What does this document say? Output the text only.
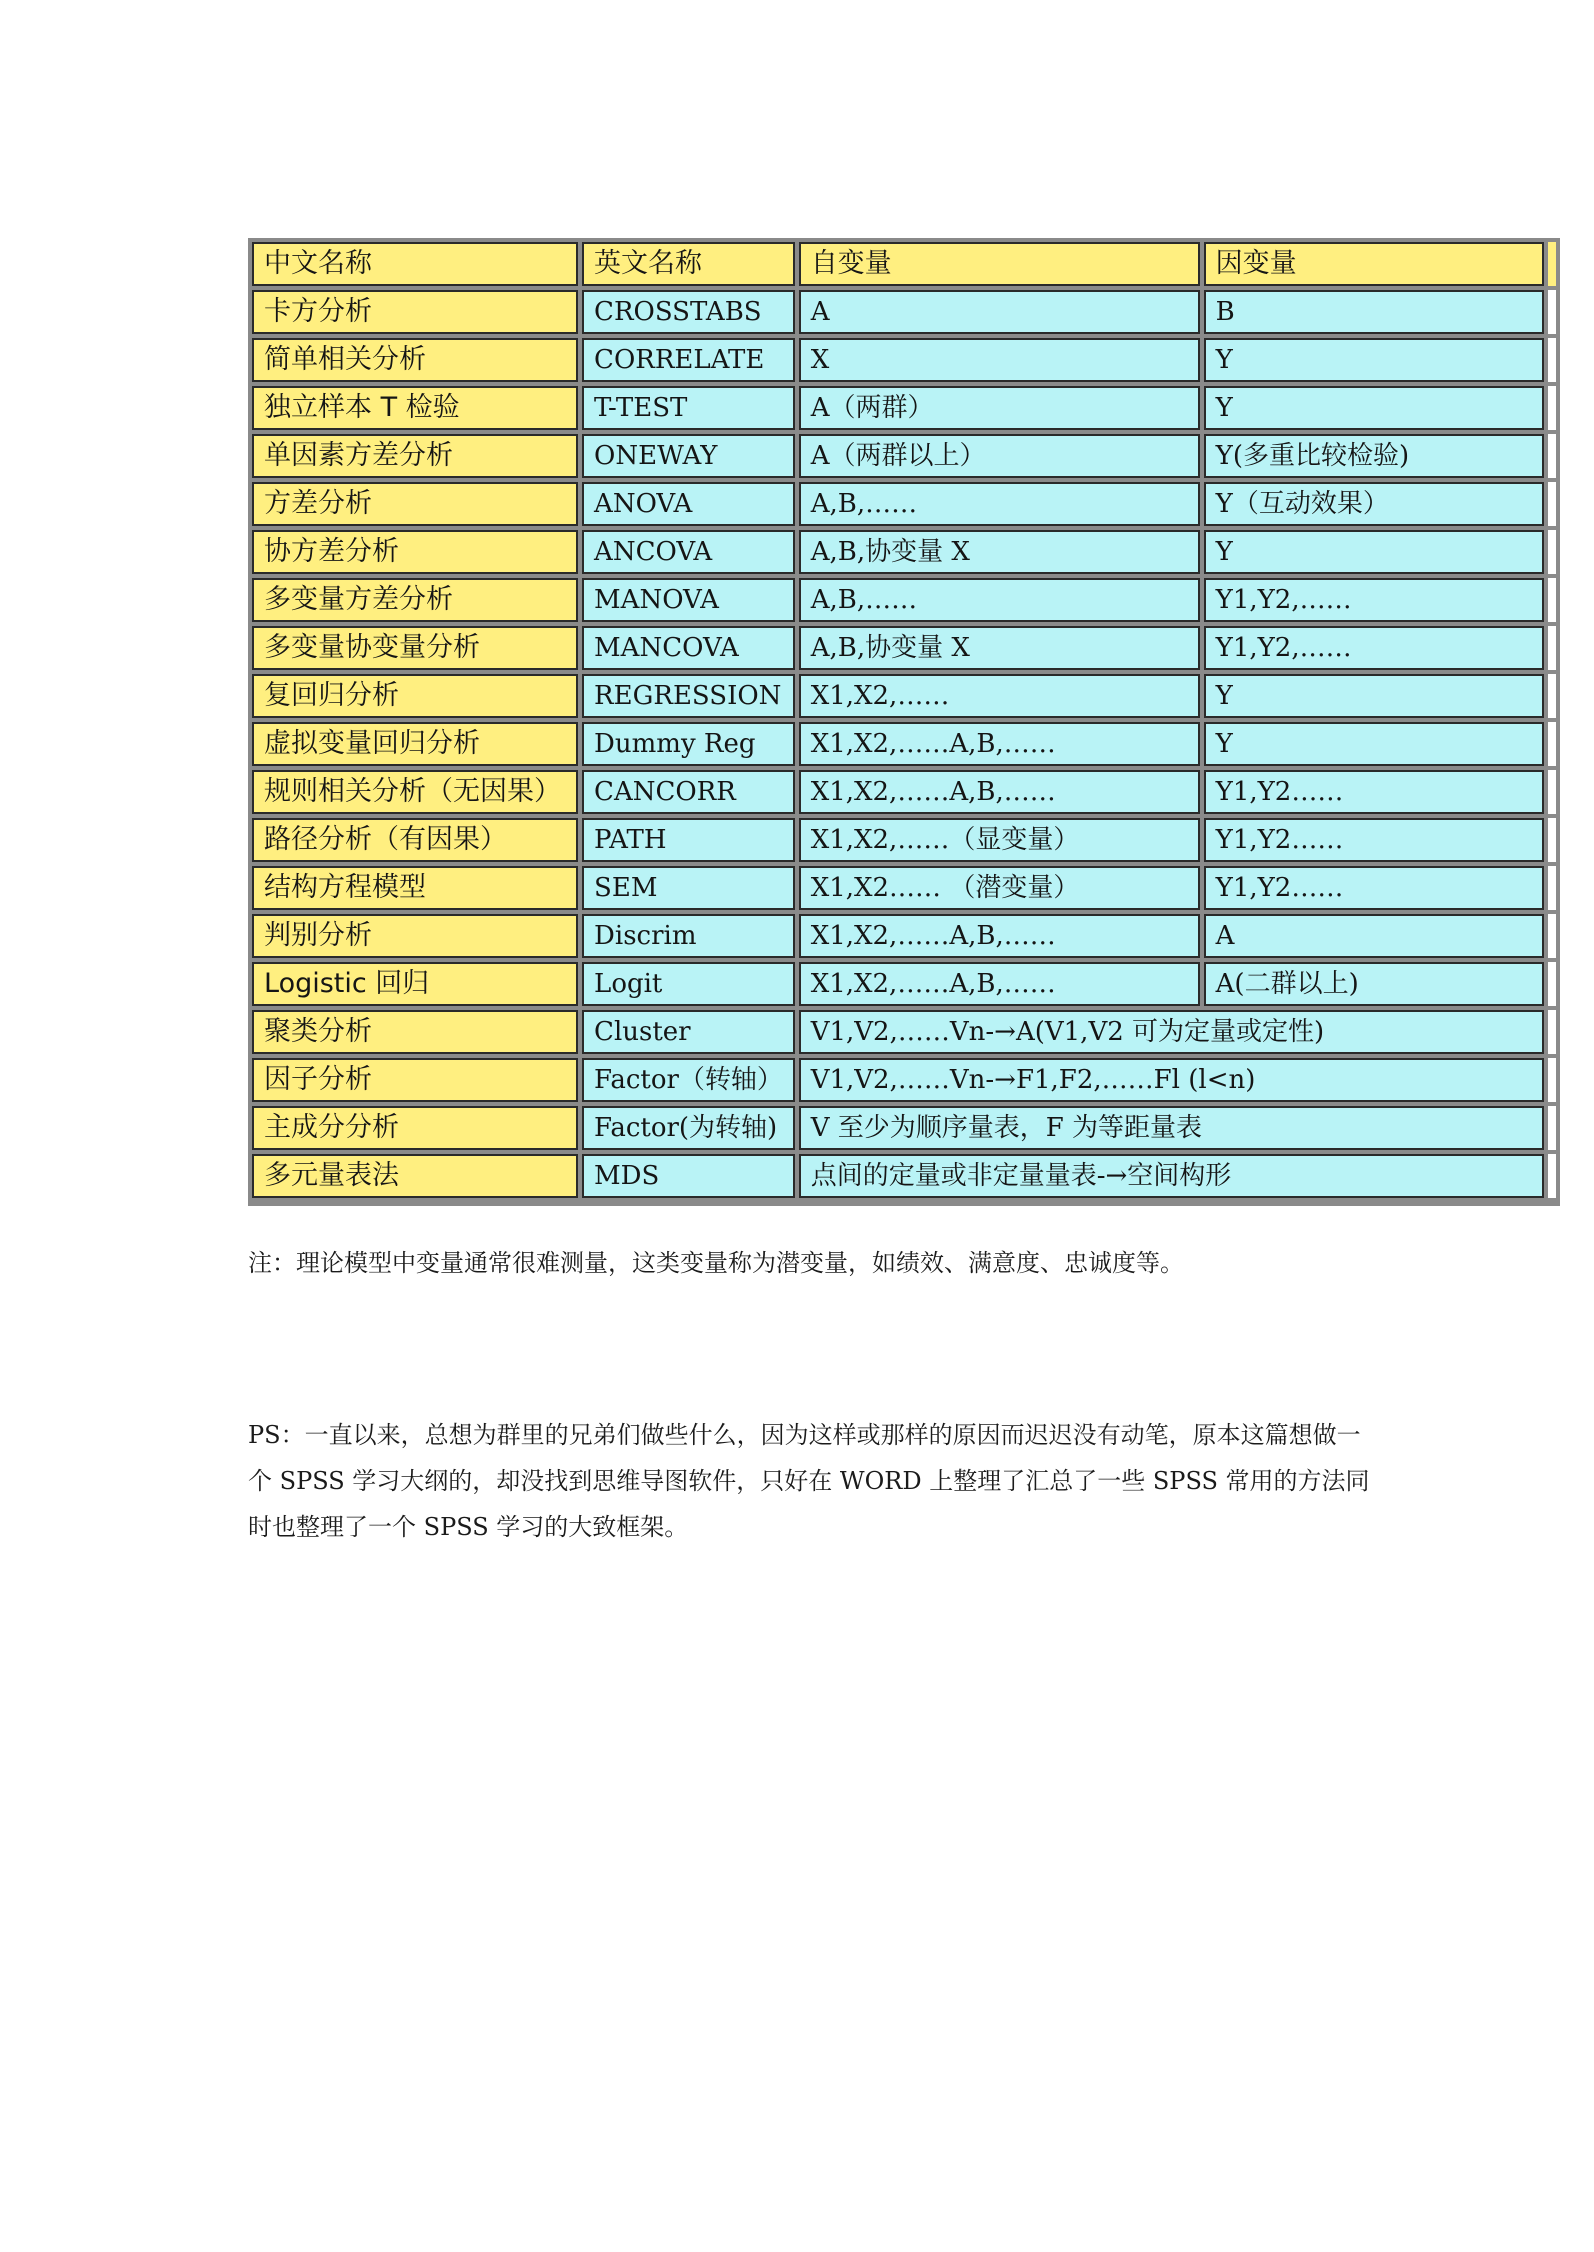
中文名称	英文名称	自变量	因变量	
卡方分析	CROSSTABS	A	B	
简单相关分析	CORRELATE	X	Y	
独立样本 T 检验	T-TEST	A（两群）	Y	
单因素方差分析	ONEWAY	A（两群以上）	Y(多重比较检验)	
方差分析	ANOVA	A,B,……	Y（互动效果）	
协方差分析	ANCOVA	A,B,协变量 X	Y	
多变量方差分析	MANOVA	A,B,……	Y1,Y2,……	
多变量协变量分析	MANCOVA	A,B,协变量 X	Y1,Y2,……	
复回归分析	REGRESSION	X1,X2,……	Y	
虚拟变量回归分析	Dummy Reg	X1,X2,……A,B,……	Y	
规则相关分析（无因果）	CANCORR	X1,X2,……A,B,……	Y1,Y2……	
路径分析（有因果）	PATH	X1,X2,……（显变量）	Y1,Y2……	
结构方程模型	SEM	X1,X2…… （潜变量）	Y1,Y2……	
判别分析	Discrim	X1,X2,……A,B,……	A	
Logistic 回归	Logit	X1,X2,……A,B,……	A(二群以上)	
聚类分析	Cluster	V1,V2,……Vn-→A(V1,V2 可为定量或定性)		
因子分析	Factor（转轴）	V1,V2,……Vn-→F1,F2,……Fl (l<n)		
主成分分析	Factor(为转轴)	V 至少为顺序量表，F 为等距量表		
多元量表法	MDS	点间的定量或非定量量表-→空间构形		

注：理论模型中变量通常很难测量，这类变量称为潜变量，如绩效、满意度、忠诚度等。

PS：一直以来，总想为群里的兄弟们做些什么，因为这样或那样的原因而迟迟没有动笔，原本这篇想做一个 SPSS 学习大纲的，却没找到思维导图软件，只好在 WORD 上整理了汇总了一些 SPSS 常用的方法同时也整理了一个 SPSS 学习的大致框架。
